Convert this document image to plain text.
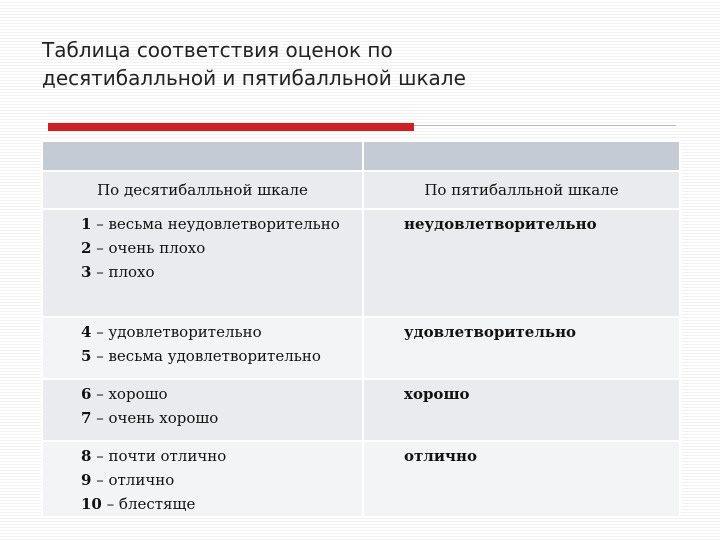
Таблица соответствия оценок по
десятибалльной и пятибалльной шкале

По десятибалльной шкале	По пятибалльной шкале

1 – весьма неудовлетворительно
2 – очень плохо
3 – плохо	неудовлетворительно

4 – удовлетворительно
5 – весьма удовлетворительно	удовлетворительно

6 – хорошо
7 – очень хорошо	хорошо

8 – почти отлично
9 – отлично
10 – блестяще	отлично
